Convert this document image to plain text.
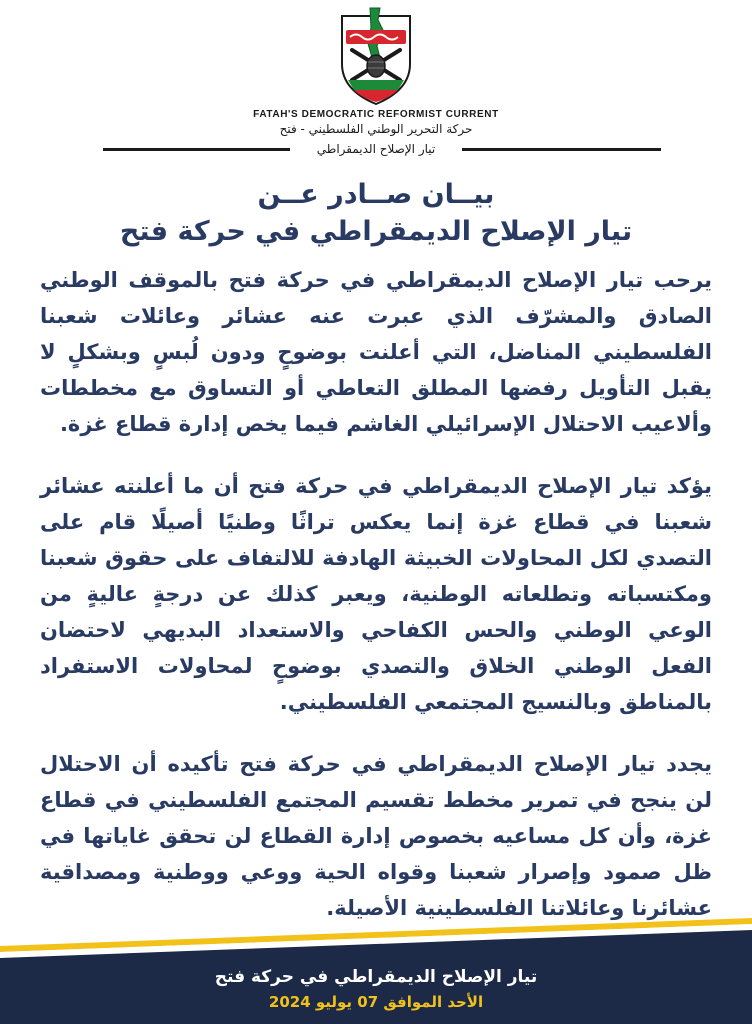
FATAH'S DEMOCRATIC REFORMIST CURRENT
حركة التحرير الوطني الفلسطيني - فتح
تيار الإصلاح الديمقراطي
بيــان صــادر عــن
تيار الإصلاح الديمقراطي في حركة فتح

يرحب تيار الإصلاح الديمقراطي في حركة فتح بالموقف الوطني الصادق والمشرّف الذي عبرت عنه عشائر وعائلات شعبنا الفلسطيني المناضل، التي أعلنت بوضوحٍ ودون لُبسٍ وبشكلٍ لا يقبل التأويل رفضها المطلق التعاطي أو التساوق مع مخططات وألاعيب الاحتلال الإسرائيلي الغاشم فيما يخص إدارة قطاع غزة.

يؤكد تيار الإصلاح الديمقراطي في حركة فتح أن ما أعلنته عشائر شعبنا في قطاع غزة إنما يعكس تراثًا وطنيًا أصيلًا قام على التصدي لكل المحاولات الخبيثة الهادفة للالتفاف على حقوق شعبنا ومكتسباته وتطلعاته الوطنية، ويعبر كذلك عن درجةٍ عاليةٍ من الوعي الوطني والحس الكفاحي والاستعداد البديهي لاحتضان الفعل الوطني الخلاق والتصدي بوضوحٍ لمحاولات الاستفراد بالمناطق وبالنسيج المجتمعي الفلسطيني.

يجدد تيار الإصلاح الديمقراطي في حركة فتح تأكيده أن الاحتلال لن ينجح في تمرير مخطط تقسيم المجتمع الفلسطيني في قطاع غزة، وأن كل مساعيه بخصوص إدارة القطاع لن تحقق غاياتها في ظل صمود وإصرار شعبنا وقواه الحية ووعي ووطنية ومصداقية عشائرنا وعائلاتنا الفلسطينية الأصيلة.

تيار الإصلاح الديمقراطي في حركة فتح
الأحد الموافق 07 يوليو 2024
